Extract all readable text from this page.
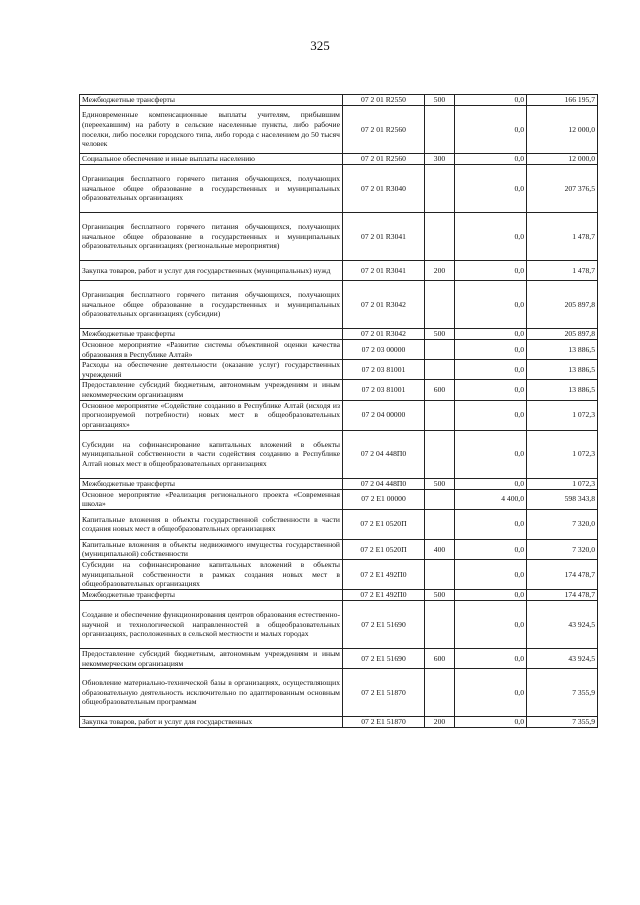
325
Межбюджетные трансферты	07 2 01 R2550	500	0,0	166 195,7
Единовременные компенсационные выплаты учителям, прибывшим (переехавшим) на работу в сельские населенные пункты, либо рабочие поселки, либо поселки городского типа, либо города с населением до 50 тысяч человек	07 2 01 R2560		0,0	12 000,0
Социальное обеспечение и иные выплаты населению	07 2 01 R2560	300	0,0	12 000,0
Организация бесплатного горячего питания обучающихся, получающих начальное общее образование в государственных и муниципальных образовательных организациях	07 2 01 R3040		0,0	207 376,5
Организация бесплатного горячего питания обучающихся, получающих начальное общее образование в государственных и муниципальных образовательных организациях (региональные мероприятия)	07 2 01 R3041		0,0	1 478,7
Закупка товаров, работ и услуг для государственных (муниципальных) нужд	07 2 01 R3041	200	0,0	1 478,7
Организация бесплатного горячего питания обучающихся, получающих начальное общее образование в государственных и муниципальных образовательных организациях (субсидии)	07 2 01 R3042		0,0	205 897,8
Межбюджетные трансферты	07 2 01 R3042	500	0,0	205 897,8
Основное мероприятие «Развитие системы объективной оценки качества образования в Республике Алтай»	07 2 03 00000		0,0	13 886,5
Расходы на обеспечение деятельности (оказание услуг) государственных учреждений	07 2 03 81001		0,0	13 886,5
Предоставление субсидий бюджетным, автономным учреждениям и иным некоммерческим организациям	07 2 03 81001	600	0,0	13 886,5
Основное мероприятие «Содействие созданию в Республике Алтай (исходя из прогнозируемой потребности) новых мест в общеобразовательных организациях»	07 2 04 00000		0,0	1 072,3
Субсидии на софинансирование капитальных вложений в объекты муниципальной собственности в части содействия созданию в Республике Алтай новых мест в общеобразовательных организациях	07 2 04 448П0		0,0	1 072,3
Межбюджетные трансферты	07 2 04 448П0	500	0,0	1 072,3
Основное мероприятие «Реализация регионального проекта «Современная школа»	07 2 E1 00000		4 400,0	598 343,8
Капитальные вложения в объекты государственной собственности в части создания новых мест в общеобразовательных организациях	07 2 E1 0520П		0,0	7 320,0
Капитальные вложения в объекты недвижимого имущества государственной (муниципальной) собственности	07 2 E1 0520П	400	0,0	7 320,0
Субсидии на софинансирование капитальных вложений в объекты муниципальной собственности в рамках создания новых мест в общеобразовательных организациях	07 2 E1 492П0		0,0	174 478,7
Межбюджетные трансферты	07 2 E1 492П0	500	0,0	174 478,7
Создание и обеспечение функционирования центров образования естественно-научной и технологической направленностей в общеобразовательных организациях, расположенных в сельской местности и малых городах	07 2 E1 51690		0,0	43 924,5
Предоставление субсидий бюджетным, автономным учреждениям и иным некоммерческим организациям	07 2 E1 51690	600	0,0	43 924,5
Обновление материально-технической базы в организациях, осуществляющих образовательную деятельность исключительно по адаптированным основным общеобразовательным программам	07 2 E1 51870		0,0	7 355,9
Закупка товаров, работ и услуг для государственных	07 2 E1 51870	200	0,0	7 355,9
